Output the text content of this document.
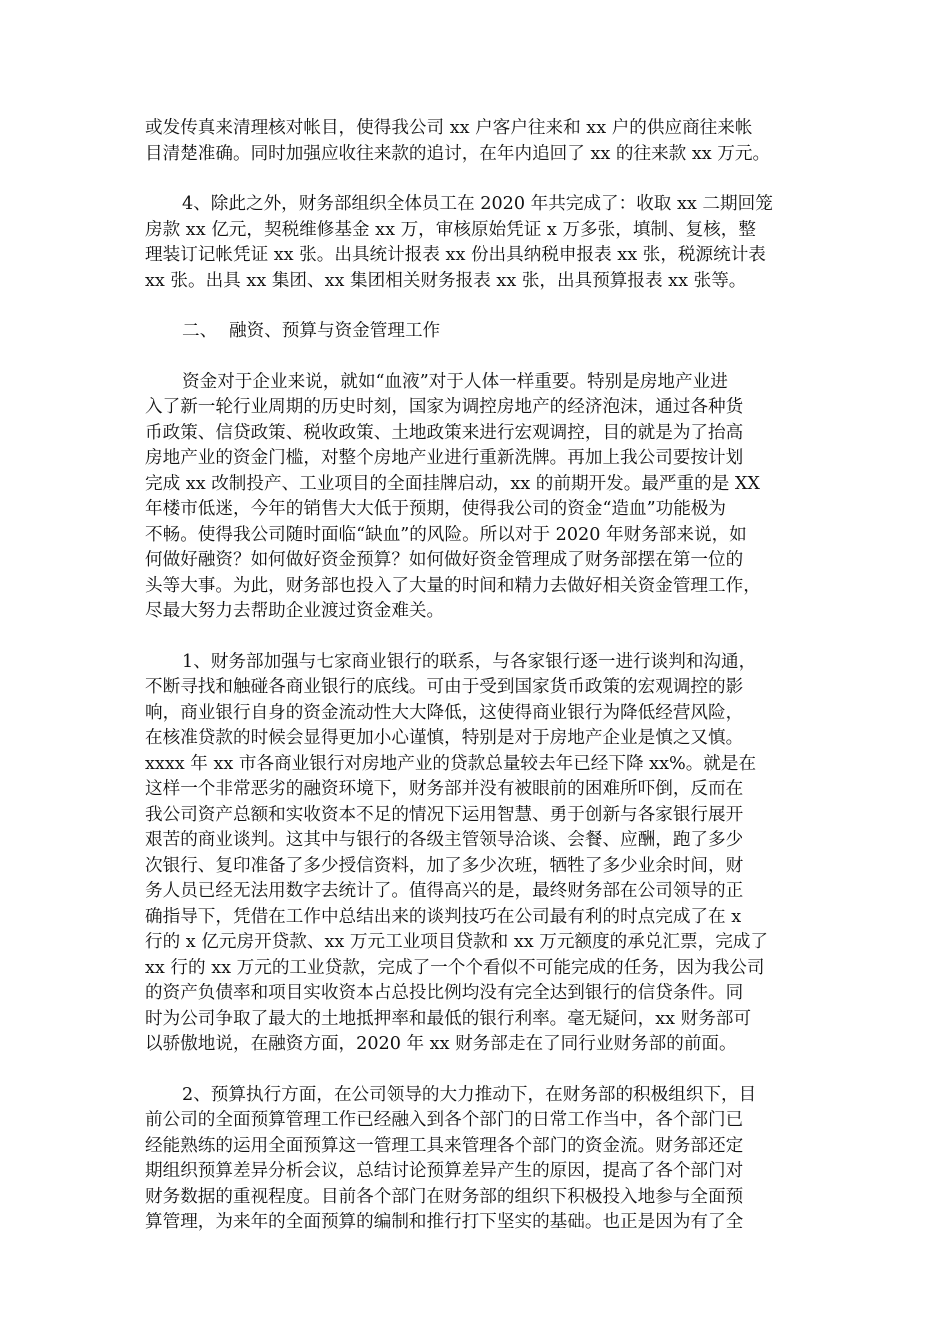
或发传真来清理核对帐目，使得我公司 xx 户客户往来和 xx 户的供应商往来帐
目清楚准确。同时加强应收往来款的追讨，在年内追回了 xx 的往来款 xx 万元。

4、除此之外，财务部组织全体员工在 2020 年共完成了：收取 xx 二期回笼
房款 xx 亿元，契税维修基金 xx 万，审核原始凭证 x 万多张，填制、复核，整
理装订记帐凭证 xx 张。出具统计报表 xx 份出具纳税申报表 xx 张，税源统计表
xx 张。出具 xx 集团、xx 集团相关财务报表 xx 张，出具预算报表 xx 张等。

二、 融资、预算与资金管理工作

资金对于企业来说，就如“血液”对于人体一样重要。特别是房地产业进
入了新一轮行业周期的历史时刻，国家为调控房地产的经济泡沫，通过各种货
币政策、信贷政策、税收政策、土地政策来进行宏观调控，目的就是为了抬高
房地产业的资金门槛，对整个房地产业进行重新洗牌。再加上我公司要按计划
完成 xx 改制投产、工业项目的全面挂牌启动，xx 的前期开发。最严重的是 XX
年楼市低迷，今年的销售大大低于预期，使得我公司的资金“造血”功能极为
不畅。使得我公司随时面临“缺血”的风险。所以对于 2020 年财务部来说，如
何做好融资？如何做好资金预算？如何做好资金管理成了财务部摆在第一位的
头等大事。为此，财务部也投入了大量的时间和精力去做好相关资金管理工作，
尽最大努力去帮助企业渡过资金难关。

1、财务部加强与七家商业银行的联系，与各家银行逐一进行谈判和沟通，
不断寻找和触碰各商业银行的底线。可由于受到国家货币政策的宏观调控的影
响，商业银行自身的资金流动性大大降低，这使得商业银行为降低经营风险，
在核准贷款的时候会显得更加小心谨慎，特别是对于房地产企业是慎之又慎。
xxxx 年 xx 市各商业银行对房地产业的贷款总量较去年已经下降 xx%。就是在
这样一个非常恶劣的融资环境下，财务部并没有被眼前的困难所吓倒，反而在
我公司资产总额和实收资本不足的情况下运用智慧、勇于创新与各家银行展开
艰苦的商业谈判。这其中与银行的各级主管领导洽谈、会餐、应酬，跑了多少
次银行、复印准备了多少授信资料，加了多少次班，牺牲了多少业余时间，财
务人员已经无法用数字去统计了。值得高兴的是，最终财务部在公司领导的正
确指导下，凭借在工作中总结出来的谈判技巧在公司最有利的时点完成了在 x
行的 x 亿元房开贷款、xx 万元工业项目贷款和 xx 万元额度的承兑汇票，完成了
xx 行的 xx 万元的工业贷款，完成了一个个看似不可能完成的任务，因为我公司
的资产负债率和项目实收资本占总投比例均没有完全达到银行的信贷条件。同
时为公司争取了最大的土地抵押率和最低的银行利率。毫无疑问，xx 财务部可
以骄傲地说，在融资方面，2020 年 xx 财务部走在了同行业财务部的前面。

2、预算执行方面，在公司领导的大力推动下，在财务部的积极组织下，目
前公司的全面预算管理工作已经融入到各个部门的日常工作当中，各个部门已
经能熟练的运用全面预算这一管理工具来管理各个部门的资金流。财务部还定
期组织预算差异分析会议，总结讨论预算差异产生的原因，提高了各个部门对
财务数据的重视程度。目前各个部门在财务部的组织下积极投入地参与全面预
算管理，为来年的全面预算的编制和推行打下坚实的基础。也正是因为有了全
